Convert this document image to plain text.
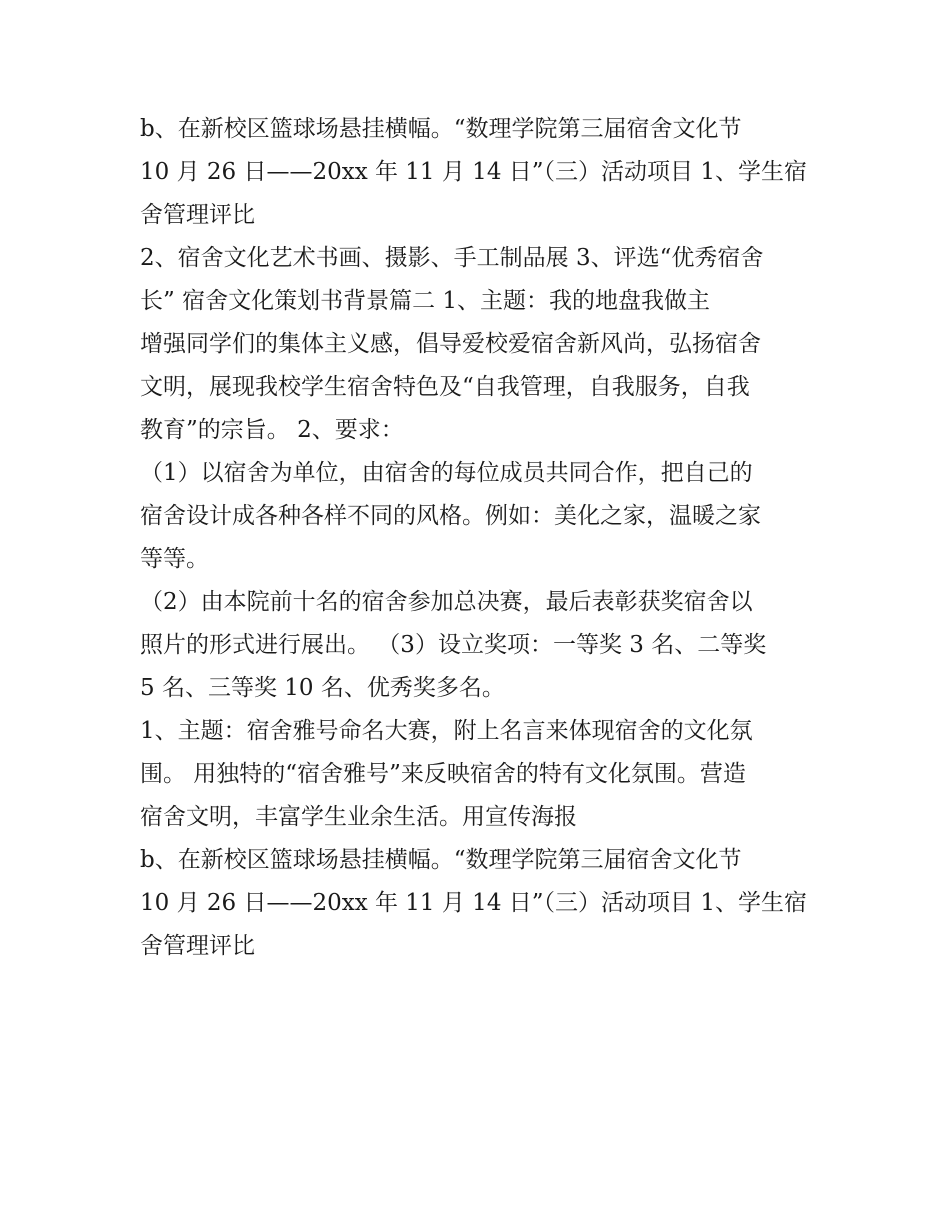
b、在新校区篮球场悬挂横幅。“数理学院第三届宿舍文化节
10 月 26 日——20xx 年 11 月 14 日”（三）活动项目 1、学生宿
舍管理评比
2、宿舍文化艺术书画、摄影、手工制品展 3、评选“优秀宿舍
长” 宿舍文化策划书背景篇二 1、主题：我的地盘我做主
增强同学们的集体主义感，倡导爱校爱宿舍新风尚，弘扬宿舍
文明，展现我校学生宿舍特色及“自我管理，自我服务，自我
教育”的宗旨。 2、要求：
（1）以宿舍为单位，由宿舍的每位成员共同合作，把自己的
宿舍设计成各种各样不同的风格。例如：美化之家，温暖之家
等等。
（2）由本院前十名的宿舍参加总决赛，最后表彰获奖宿舍以
照片的形式进行展出。 （3）设立奖项：一等奖 3 名、二等奖
5 名、三等奖 10 名、优秀奖多名。
1、主题：宿舍雅号命名大赛，附上名言来体现宿舍的文化氛
围。 用独特的“宿舍雅号”来反映宿舍的特有文化氛围。营造
宿舍文明，丰富学生业余生活。用宣传海报
b、在新校区篮球场悬挂横幅。“数理学院第三届宿舍文化节
10 月 26 日——20xx 年 11 月 14 日”（三）活动项目 1、学生宿
舍管理评比
